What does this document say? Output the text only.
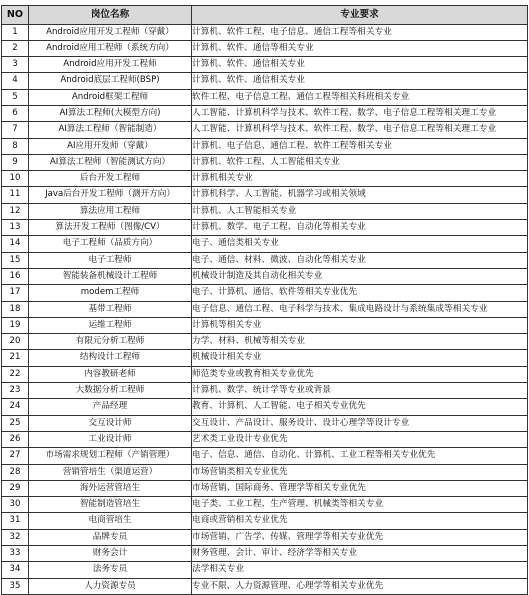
NO	岗位名称	专业要求
1	Android应用开发工程师（穿戴）	计算机、软件工程、电子信息、通信工程等相关专业
2	Android应用工程师（系统方向）	计算机、软件、通信等相关专业
3	Android应用开发工程师	计算机、软件、通信相关专业
4	Android底层工程师(BSP)	计算机、软件、通信相关专业
5	Android框架工程师	软件工程、电子信息工程、通信工程等相关科班相关专业
6	AI算法工程师(大模型方向)	人工智能、计算机科学与技术、软件工程、数学、电子信息工程等相关理工专业
7	AI算法工程师（智能制造）	人工智能、计算机科学与技术、软件工程、数学、电子信息工程等相关理工专业
8	AI应用开发师（穿戴）	计算机、电子信息、通信工程、软件工程等相关专业
9	AI算法工程师（智能测试方向）	计算机、软件工程、人工智能相关专业
10	后台开发工程师	计算机相关专业
11	Java后台开发工程师（测开方向）	计算机科学、人工智能、机器学习或相关领域
12	算法应用工程师	计算机、人工智能相关专业
13	算法开发工程师（图像/CV）	计算机、数学、电子工程、自动化等相关专业
14	电子工程师（品质方向）	电子、通信类相关专业
15	电子工程师	电子、通信、材料、微波、自动化等相关专业
16	智能装备机械设计工程师	机械设计制造及其自动化相关专业
17	modem工程师	电子、计算机、通信、软件等相关专业优先
18	基带工程师	电子信息、通信工程、电子科学与技术、集成电路设计与系统集成等相关专业
19	运维工程师	计算机等相关专业
20	有限元分析工程师	力学、材料、机械等相关专业
21	结构设计工程师	机械设计相关专业
22	内容教研老师	师范类专业或教育相关专业优先
23	大数据分析工程师	计算机、数学、统计学等专业或背景
24	产品经理	教育、计算机、人工智能、电子相关专业优先
25	交互设计师	交互设计、产品设计、服务设计、设计心理学等设计专业
26	工业设计师	艺术类工业设计专业优先
27	市场需求规划工程师（产销管理）	电子、信息、通信、自动化、计算机、工业工程等相关专业优先
28	营销管培生（渠道运营）	市场营销类相关专业优先
29	海外运营管培生	市场营销、国际商务、管理学等相关专业优先
30	智能制造管培生	电子类、工业工程、生产管理、机械类等相关专业
31	电商管培生	电商或营销相关专业优先
32	品牌专员	市场营销、广告学、传媒、管理学等相关专业优先
33	财务会计	财务管理、会计、审计、经济学等相关专业
34	法务专员	法学相关专业
35	人力资源专员	专业不限，人力资源管理、心理学等相关专业优先
